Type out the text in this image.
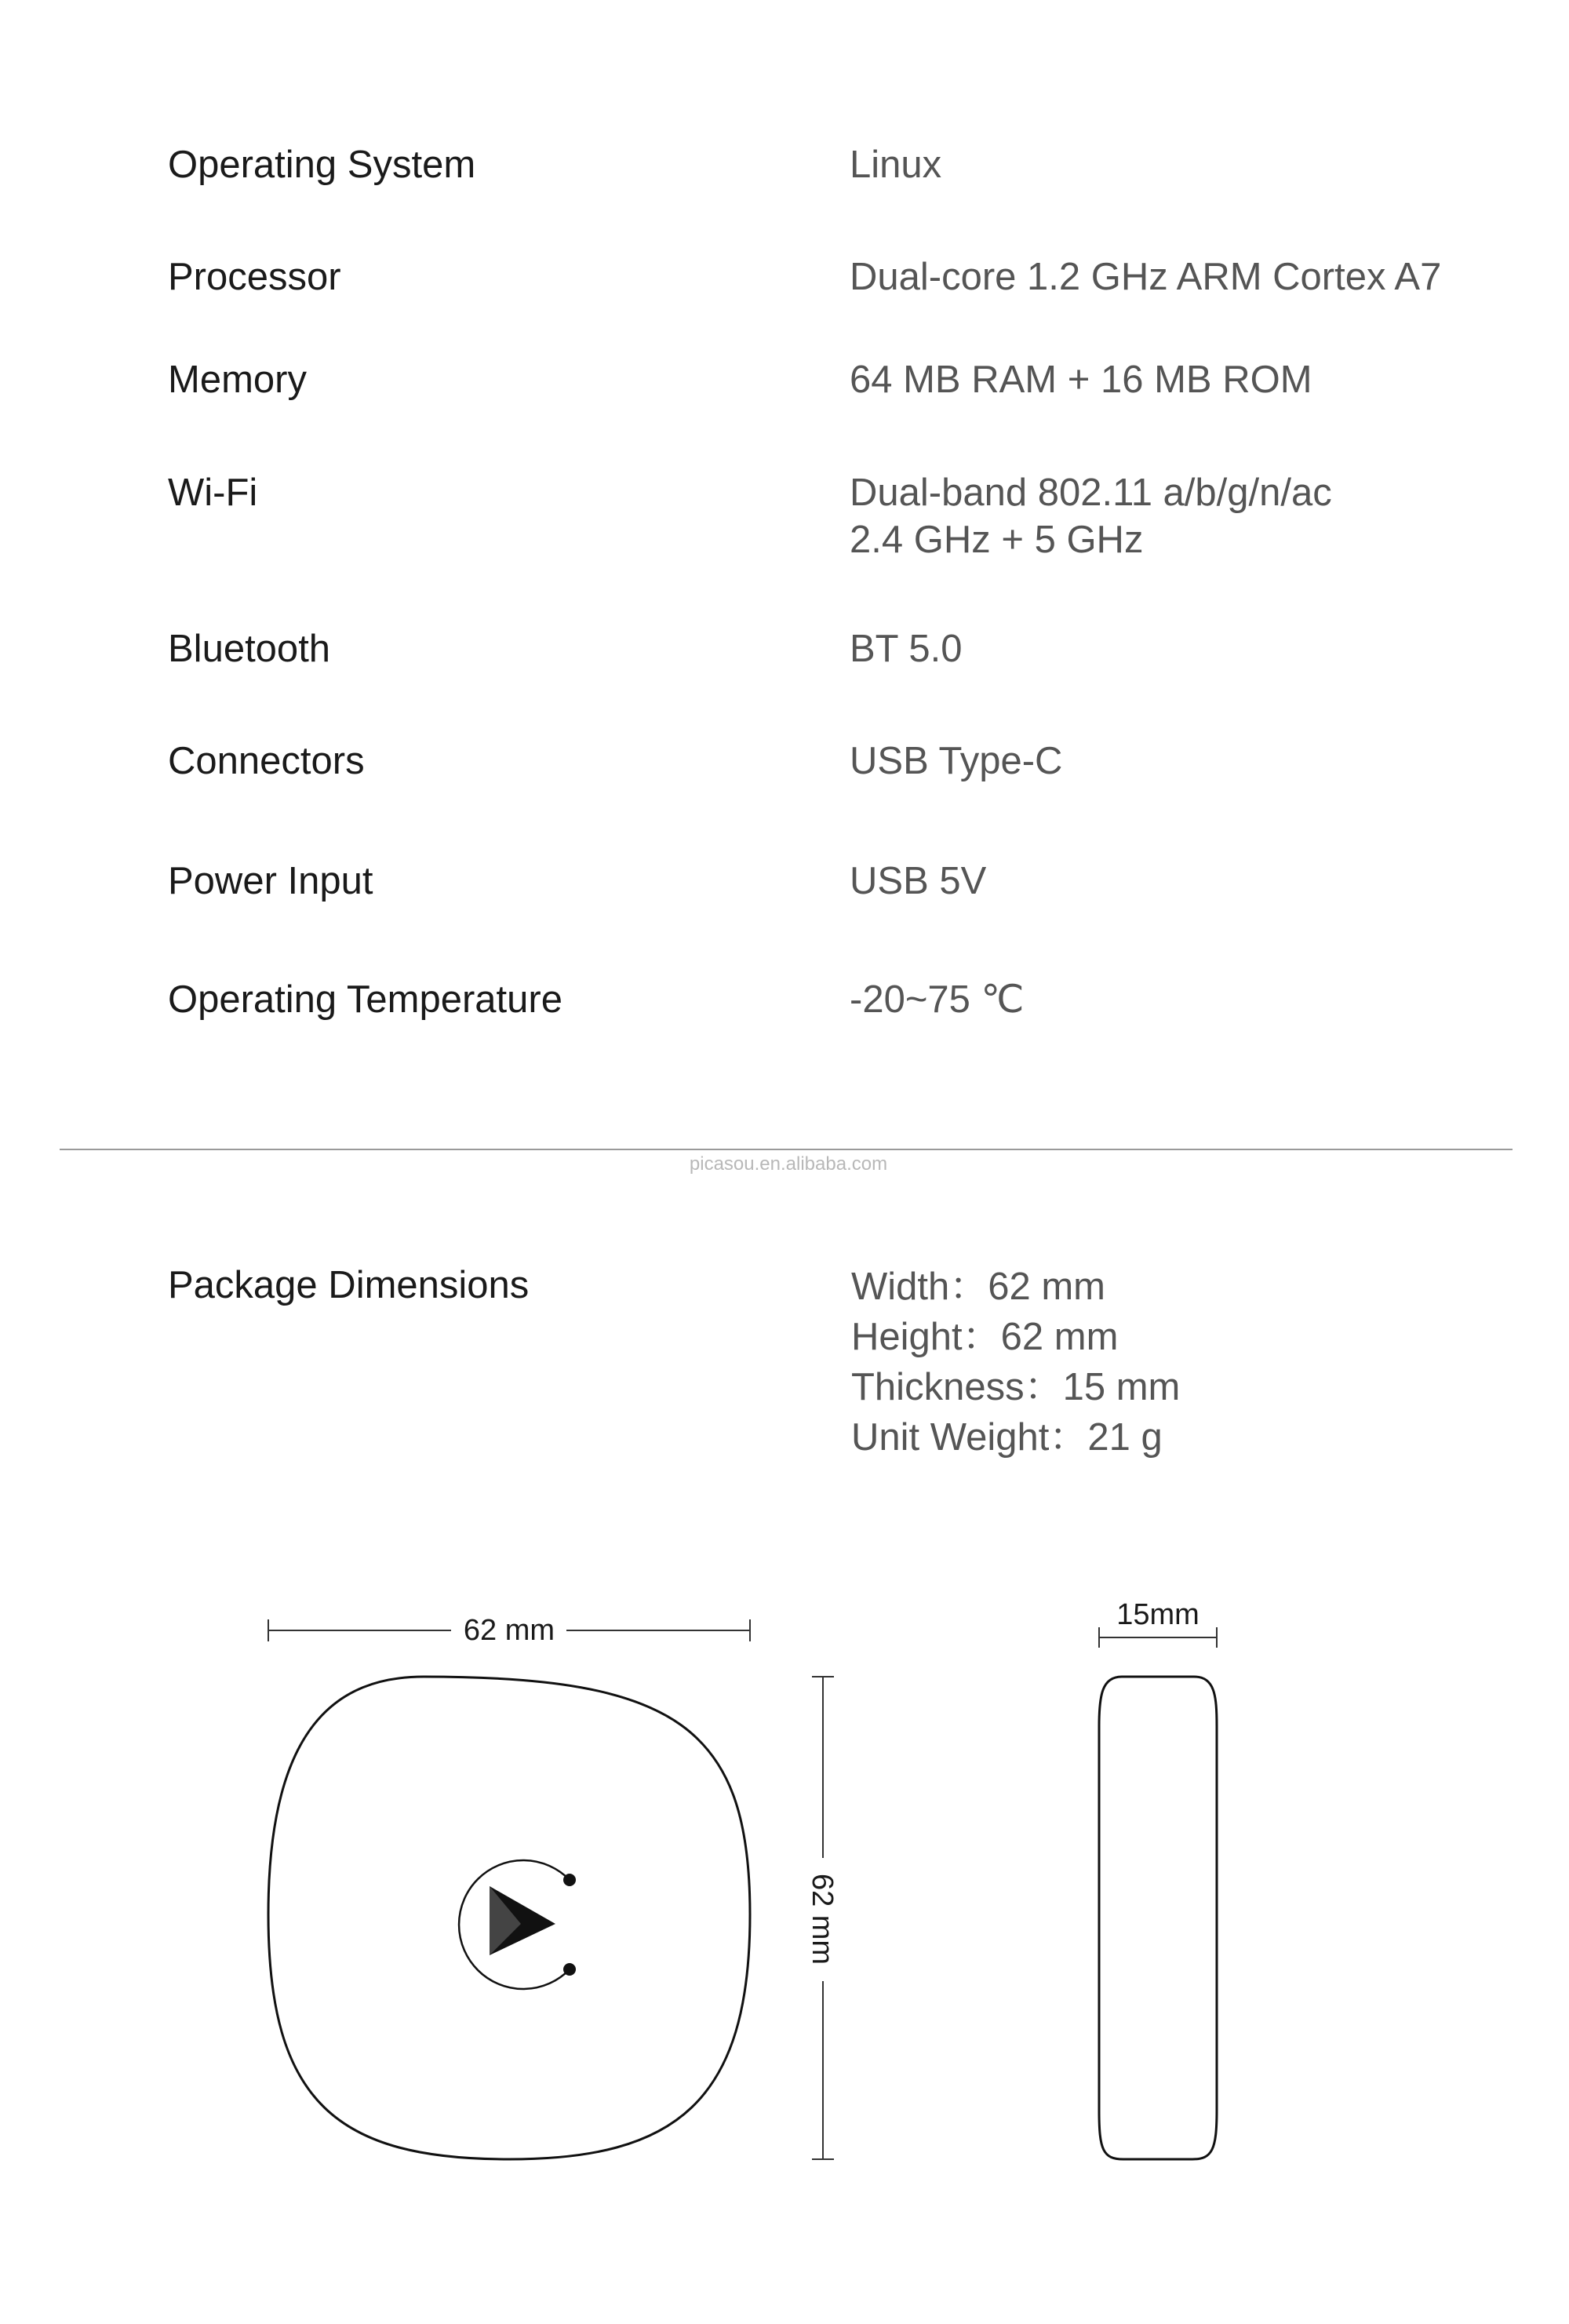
Operating System	Linux
Processor	Dual-core 1.2 GHz ARM Cortex A7
Memory	64 MB RAM + 16 MB ROM
Wi-Fi	Dual-band 802.11 a/b/g/n/ac
2.4 GHz + 5 GHz
Bluetooth	BT 5.0
Connectors	USB Type-C
Power Input	USB 5V
Operating Temperature	-20~75 ℃
picasou.en.alibaba.com
Package Dimensions	Width：62 mm
Height：62 mm
Thickness：15 mm
Unit Weight：21 g
62 mm
62 mm
15mm
